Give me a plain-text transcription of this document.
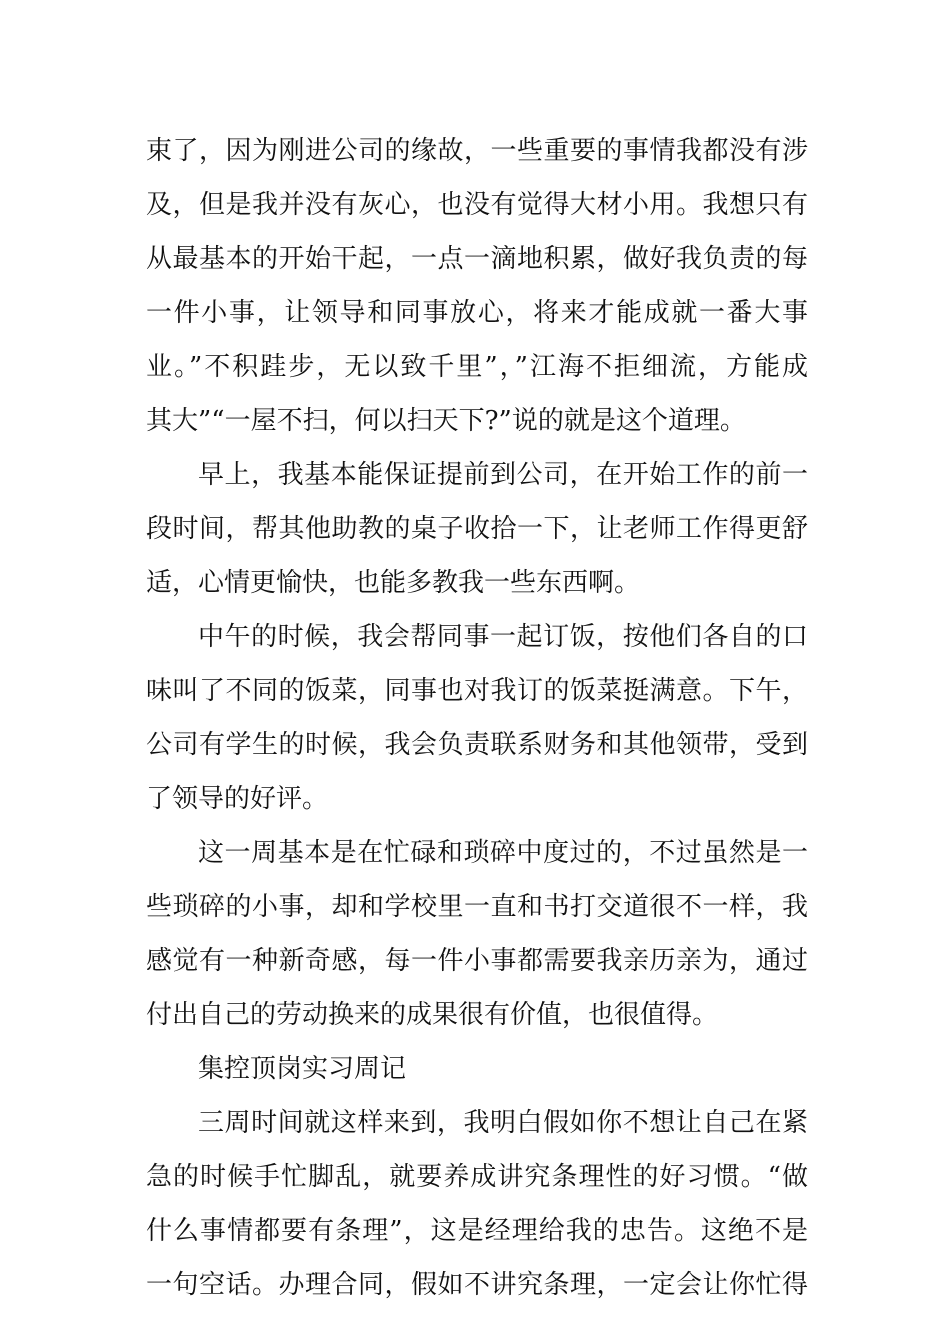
束了，因为刚进公司的缘故，一些重要的事情我都没有涉
及，但是我并没有灰心，也没有觉得大材小用。我想只有
从最基本的开始干起，一点一滴地积累，做好我负责的每
一件小事，让领导和同事放心，将来才能成就一番大事
业。”不积跬步，无以致千里”，”江海不拒细流，方能成
其大”“一屋不扫，何以扫天下?”说的就是这个道理。
早上，我基本能保证提前到公司，在开始工作的前一
段时间，帮其他助教的桌子收拾一下，让老师工作得更舒
适，心情更愉快，也能多教我一些东西啊。
中午的时候，我会帮同事一起订饭，按他们各自的口
味叫了不同的饭菜，同事也对我订的饭菜挺满意。下午，
公司有学生的时候，我会负责联系财务和其他领带，受到
了领导的好评。
这一周基本是在忙碌和琐碎中度过的，不过虽然是一
些琐碎的小事，却和学校里一直和书打交道很不一样，我
感觉有一种新奇感，每一件小事都需要我亲历亲为，通过
付出自己的劳动换来的成果很有价值，也很值得。
集控顶岗实习周记
三周时间就这样来到，我明白假如你不想让自己在紧
急的时候手忙脚乱，就要养成讲究条理性的好习惯。“做
什么事情都要有条理”，这是经理给我的忠告。这绝不是
一句空话。办理合同，假如不讲究条理，一定会让你忙得
